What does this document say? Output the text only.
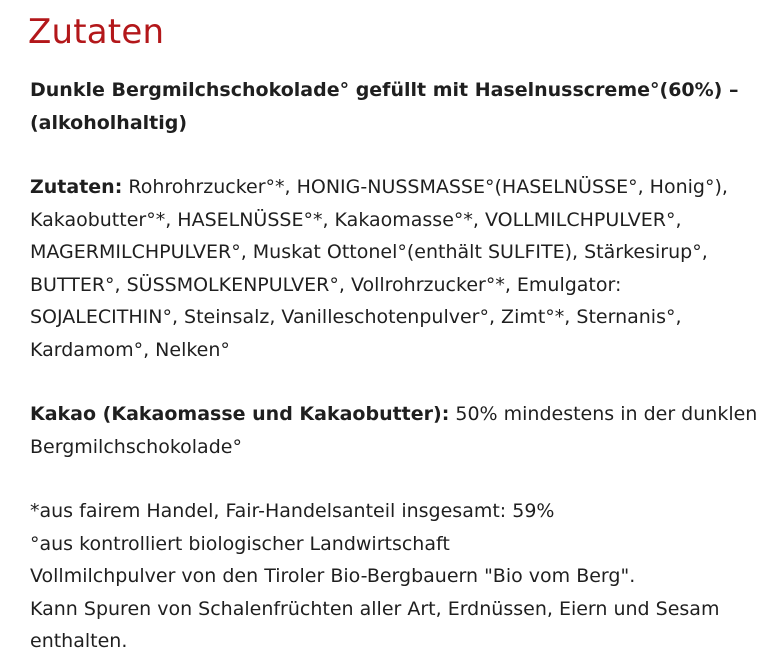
Zutaten

Dunkle Bergmilchschokolade° gefüllt mit Haselnusscreme°(60%) – (alkoholhaltig)

Zutaten: Rohrohrzucker°*, HONIG-NUSSMASSE°(HASELNÜSSE°, Honig°), Kakaobutter°*, HASELNÜSSE°*, Kakaomasse°*, VOLLMILCHPULVER°, MAGERMILCHPULVER°, Muskat Ottonel°(enthält SULFITE), Stärkesirup°, BUTTER°, SÜSSMOLKENPULVER°, Vollrohrzucker°*, Emulgator: SOJALECITHIN°, Steinsalz, Vanilleschotenpulver°, Zimt°*, Sternanis°, Kardamom°, Nelken°

Kakao (Kakaomasse und Kakaobutter): 50% mindestens in der dunklen Bergmilchschokolade°

*aus fairem Handel, Fair-Handelsanteil insgesamt: 59%
°aus kontrolliert biologischer Landwirtschaft
Vollmilchpulver von den Tiroler Bio-Bergbauern "Bio vom Berg".
Kann Spuren von Schalenfrüchten aller Art, Erdnüssen, Eiern und Sesam enthalten.
